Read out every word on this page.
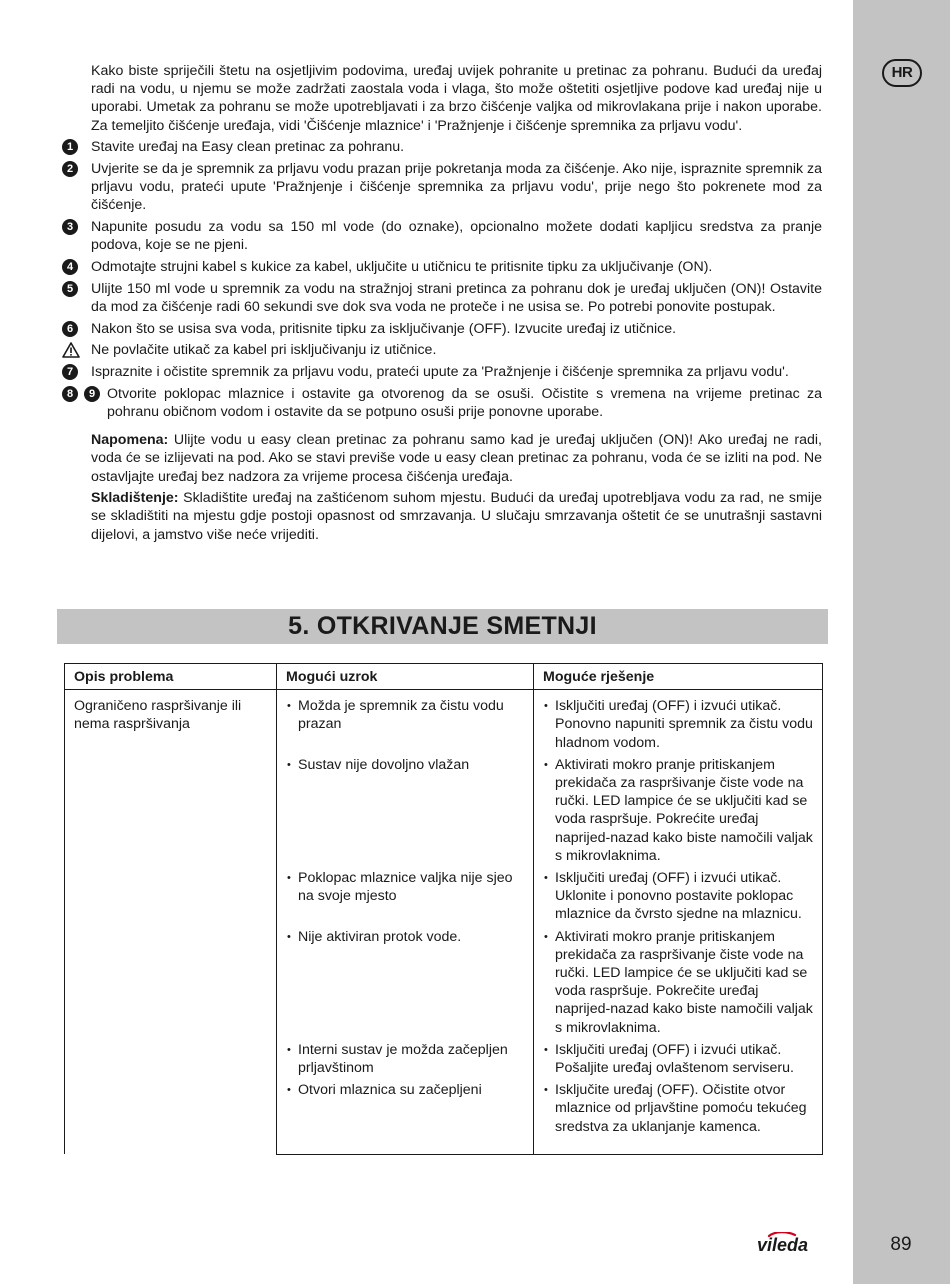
HR

Kako biste spriječili štetu na osjetljivim podovima, uređaj uvijek pohranite u pretinac za pohranu. Budući da uređaj radi na vodu, u njemu se može zadržati zaostala voda i vlaga, što može oštetiti osjetljive podove kad uređaj nije u uporabi. Umetak za pohranu se može upotrebljavati i za brzo čišćenje valjka od mikrovlakana prije i nakon uporabe. Za temeljito čišćenje uređaja, vidi 'Čišćenje mlaznice' i 'Pražnjenje i čišćenje spremnika za prljavu vodu'.

1	Stavite uređaj na Easy clean pretinac za pohranu.
2	Uvjerite se da je spremnik za prljavu vodu prazan prije pokretanja moda za čišćenje. Ako nije, ispraznite spremnik za prljavu vodu, prateći upute 'Pražnjenje i čišćenje spremnika za prljavu vodu', prije nego što pokrenete mod za čišćenje.
3	Napunite posudu za vodu sa 150 ml vode (do oznake), opcionalno možete dodati kapljicu sredstva za pranje podova, koje se ne pjeni.
4	Odmotajte strujni kabel s kukice za kabel, uključite u utičnicu te pritisnite tipku za uključivanje (ON).
5	Ulijte 150 ml vode u spremnik za vodu na stražnjoj strani pretinca za pohranu dok je uređaj uključen (ON)! Ostavite da mod za čišćenje radi 60 sekundi sve dok sva voda ne proteče i ne usisa se. Po potrebi ponovite postupak.
6	Nakon što se usisa sva voda, pritisnite tipku za isključivanje (OFF). Izvucite uređaj iz utičnice.
Ne povlačite utikač za kabel pri isključivanju iz utičnice.
7	Ispraznite i očistite spremnik za prljavu vodu, prateći upute za 'Pražnjenje i čišćenje spremnika za prljavu vodu'.
8	9 Otvorite poklopac mlaznice i ostavite ga otvorenog da se osuši. Očistite s vremena na vrijeme pretinac za pohranu običnom vodom i ostavite da se potpuno osuši prije ponovne uporabe.

Napomena: Ulijte vodu u easy clean pretinac za pohranu samo kad je uređaj uključen (ON)! Ako uređaj ne radi, voda će se izlijevati na pod. Ako se stavi previše vode u easy clean pretinac za pohranu, voda će se izliti na pod. Ne ostavljajte uređaj bez nadzora za vrijeme procesa čišćenja uređaja.

Skladištenje: Skladištite uređaj na zaštićenom suhom mjestu. Budući da uređaj upotrebljava vodu za rad, ne smije se skladištiti na mjestu gdje postoji opasnost od smrzavanja. U slučaju smrzavanja oštetit će se unutrašnji sastavni dijelovi, a jamstvo više neće vrijediti.

5. OTKRIVANJE SMETNJI
Opis problema	Mogući uzrok	Moguće rješenje
Ograničeno raspršivanje ili nema raspršivanja	• Možda je spremnik za čistu vodu prazan	• Isključiti uređaj (OFF) i izvući utikač. Ponovno napuniti spremnik za čistu vodu hladnom vodom.

	• Sustav nije dovoljno vlažan	• Aktivirati mokro pranje pritiskanjem prekidača za raspršivanje čiste vode na ručki. LED lampice će se uključiti kad se voda raspršuje. Pokrećite uređaj naprijed-nazad kako biste namočili valjak s mikrovlaknima.

	• Poklopac mlaznice valjka nije sjeo na svoje mjesto	• Isključiti uređaj (OFF) i izvući utikač. Uklonite i ponovno postavite poklopac mlaznice da čvrsto sjedne na mlaznicu.

	• Nije aktiviran protok vode.	• Aktivirati mokro pranje pritiskanjem prekidača za raspršivanje čiste vode na ručki. LED lampice će se uključiti kad se voda raspršuje. Pokrečite uređaj naprijed-nazad kako biste namočili valjak s mikrovlaknima.

	• Interni sustav je možda začepljen prljavštinom	• Isključiti uređaj (OFF) i izvući utikač. Pošaljite uređaj ovlaštenom serviseru.

	• Otvori mlaznica su začepljeni	• Isključite uređaj (OFF). Očistite otvor mlaznice od prljavštine pomoću tekućeg sredstva za uklanjanje kamenca.
vileda	89
